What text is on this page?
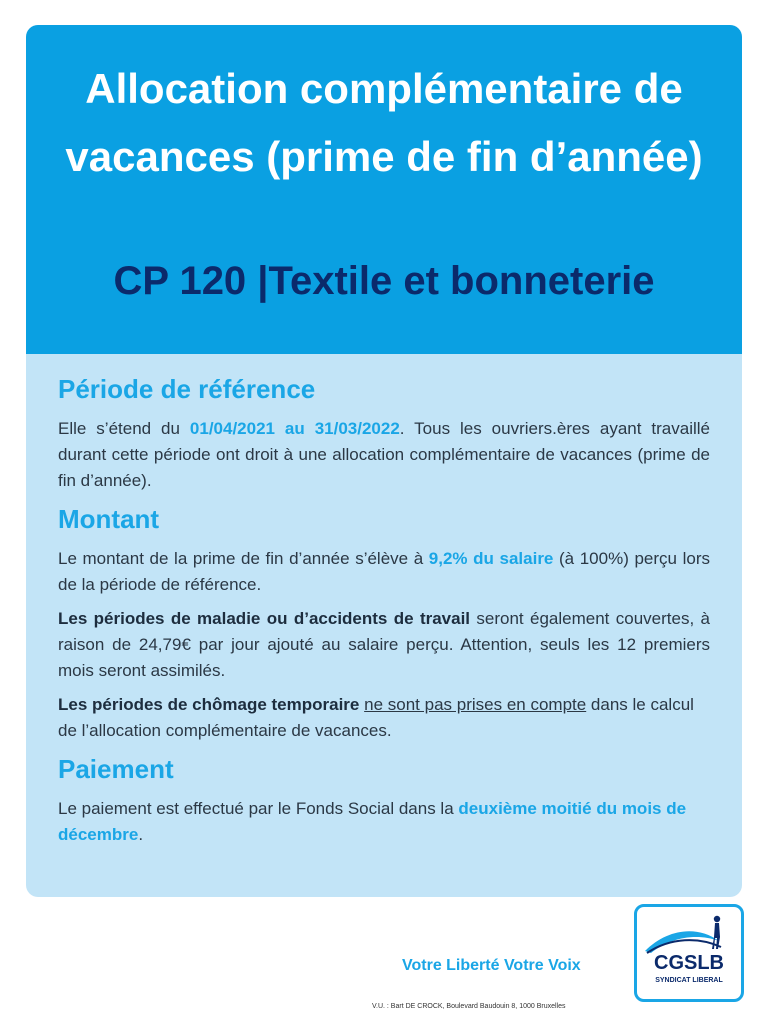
Allocation complémentaire de vacances (prime de fin d’année)
CP 120 |Textile et bonneterie
Période de référence

Elle s’étend du 01/04/2021 au 31/03/2022. Tous les ouvriers.ères ayant travaillé durant cette période ont droit à une allocation complémentaire de vacances (prime de fin d’année).

Montant

Le montant de la prime de fin d’année s’élève à 9,2% du salaire (à 100%) perçu lors de la période de référence.

Les périodes de maladie ou d’accidents de travail seront également couvertes, à raison de 24,79€ par jour ajouté au salaire perçu. Attention, seuls les 12 premiers mois seront assimilés.

Les périodes de chômage temporaire ne sont pas prises en compte dans le calcul de l’allocation complémentaire de vacances.

Paiement

Le paiement est effectué par le Fonds Social dans la deuxième moitié du mois de décembre.

Votre Liberté Votre Voix
V.U. : Bart DE CROCK, Boulevard Baudouin 8, 1000 Bruxelles
CGSLB
SYNDICAT LIBERAL
